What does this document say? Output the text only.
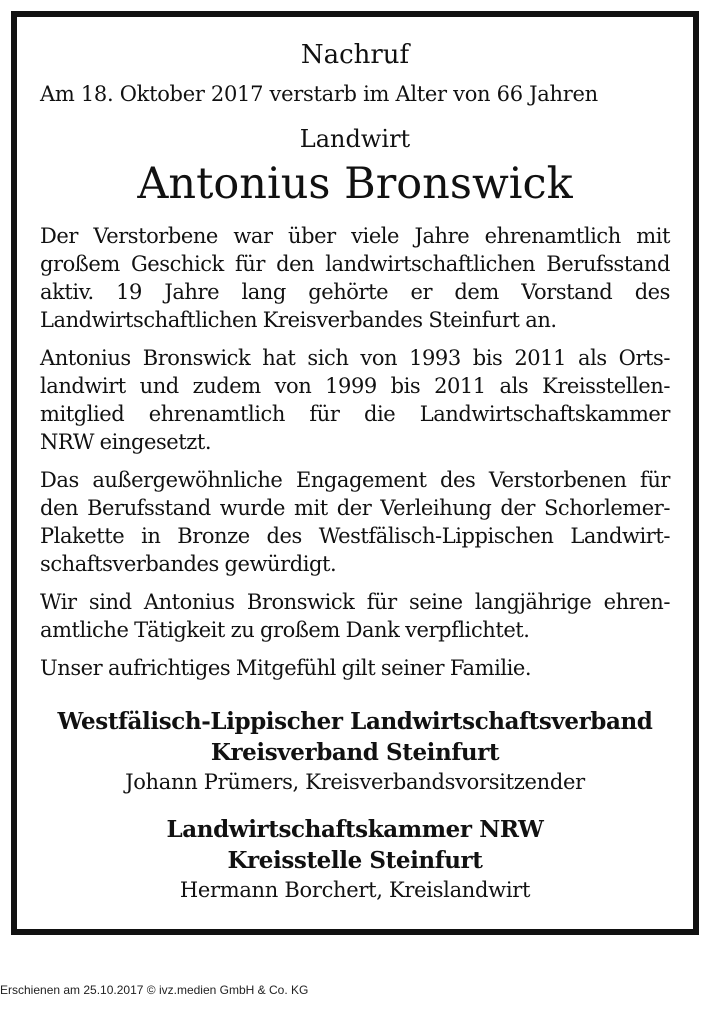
Nachruf

Am 18. Oktober 2017 verstarb im Alter von 66 Jahren

Landwirt

Antonius Bronswick

Der Verstorbene war über viele Jahre ehrenamtlich mit
großem Geschick für den landwirtschaftlichen Berufsstand
aktiv. 19 Jahre lang gehörte er dem Vorstand des
Landwirtschaftlichen Kreisverbandes Steinfurt an.

Antonius Bronswick hat sich von 1993 bis 2011 als Orts-
landwirt und zudem von 1999 bis 2011 als Kreisstellen-
mitglied ehrenamtlich für die Landwirtschaftskammer
NRW eingesetzt.

Das außergewöhnliche Engagement des Verstorbenen für
den Berufsstand wurde mit der Verleihung der Schorlemer-
Plakette in Bronze des Westfälisch-Lippischen Landwirt-
schaftsverbandes gewürdigt.

Wir sind Antonius Bronswick für seine langjährige ehren-
amtliche Tätigkeit zu großem Dank verpflichtet.

Unser aufrichtiges Mitgefühl gilt seiner Familie.

Westfälisch-Lippischer Landwirtschaftsverband

Kreisverband Steinfurt

Johann Prümers, Kreisverbandsvorsitzender

Landwirtschaftskammer NRW

Kreisstelle Steinfurt

Hermann Borchert, Kreislandwirt

Erschienen am 25.10.2017 © ivz.medien GmbH & Co. KG
